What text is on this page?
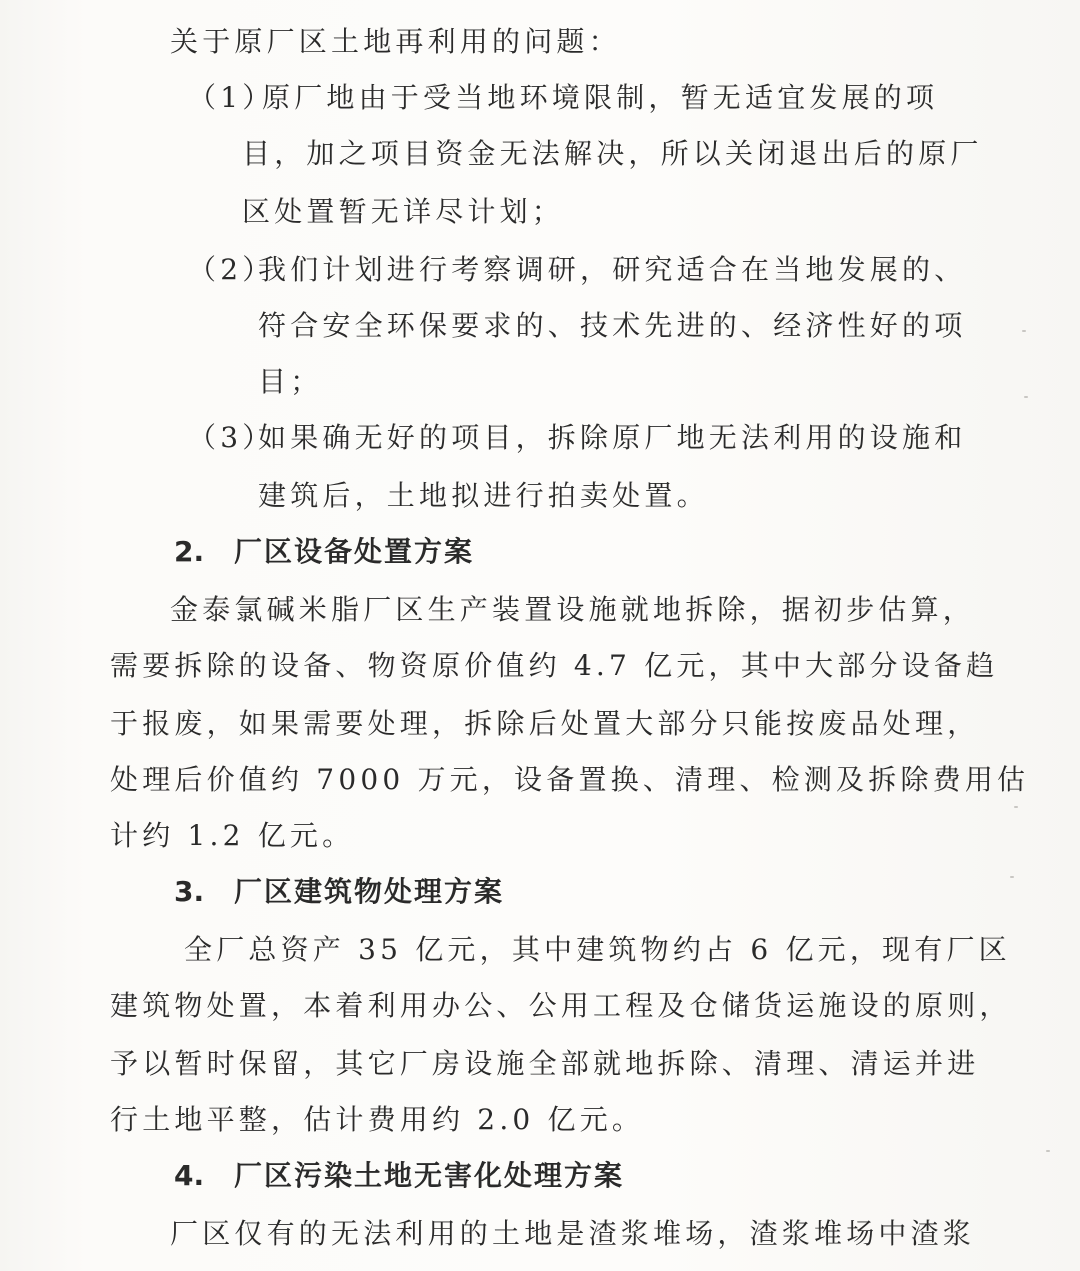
关于原厂区土地再利用的问题：
（1）
原厂地由于受当地环境限制，暂无适宜发展的项
目，加之项目资金无法解决，所以关闭退出后的原厂
区处置暂无详尽计划；
（2）
我们计划进行考察调研，研究适合在当地发展的、
符合安全环保要求的、技术先进的、经济性好的项
目；
（3）
如果确无好的项目，拆除原厂地无法利用的设施和
建筑后，土地拟进行拍卖处置。
2. 厂区设备处置方案
金泰氯碱米脂厂区生产装置设施就地拆除，据初步估算，
需要拆除的设备、物资原价值约 4.7 亿元，其中大部分设备趋
于报废，如果需要处理，拆除后处置大部分只能按废品处理，
处理后价值约 7000 万元，设备置换、清理、检测及拆除费用估
计约 1.2 亿元。
3. 厂区建筑物处理方案
全厂总资产 35 亿元，其中建筑物约占 6 亿元，现有厂区
建筑物处置，本着利用办公、公用工程及仓储货运施设的原则，
予以暂时保留，其它厂房设施全部就地拆除、清理、清运并进
行土地平整，估计费用约 2.0 亿元。
4. 厂区污染土地无害化处理方案
厂区仅有的无法利用的土地是渣浆堆场，渣浆堆场中渣浆
